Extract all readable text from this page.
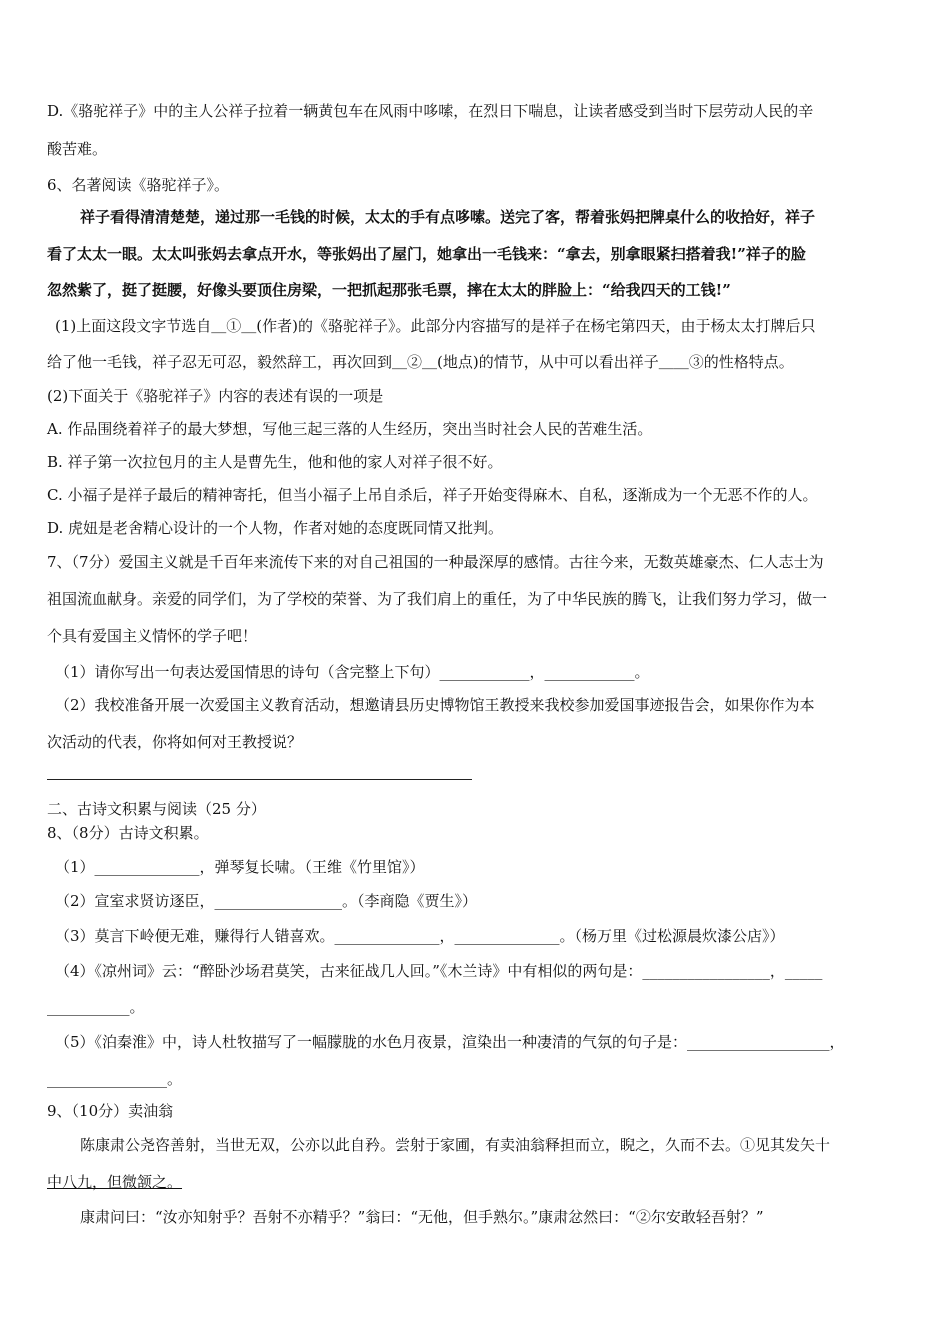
D.《骆驼祥子》中的主人公祥子拉着一辆黄包车在风雨中哆嗦，在烈日下喘息，让读者感受到当时下层劳动人民的辛
酸苦难。
6、名著阅读《骆驼祥子》。
祥子看得清清楚楚，递过那一毛钱的时候，太太的手有点哆嗦。送完了客，帮着张妈把牌桌什么的收拾好，祥子
看了太太一眼。太太叫张妈去拿点开水，等张妈出了屋门，她拿出一毛钱来：“拿去，别拿眼紧扫搭着我!”祥子的脸
忽然紫了，挺了挺腰，好像头要顶住房梁，一把抓起那张毛票，摔在太太的胖脸上：“给我四天的工钱!”
(1)上面这段文字节选自＿①＿(作者)的《骆驼祥子》。此部分内容描写的是祥子在杨宅第四天，由于杨太太打牌后只
给了他一毛钱，祥子忍无可忍，毅然辞工，再次回到＿②＿(地点)的情节，从中可以看出祥子＿＿③的性格特点。
(2)下面关于《骆驼祥子》内容的表述有误的一项是
A. 作品围绕着祥子的最大梦想，写他三起三落的人生经历，突出当时社会人民的苦难生活。
B. 祥子第一次拉包月的主人是曹先生，他和他的家人对祥子很不好。
C. 小福子是祥子最后的精神寄托，但当小福子上吊自杀后，祥子开始变得麻木、自私，逐渐成为一个无恶不作的人。
D. 虎妞是老舍精心设计的一个人物，作者对她的态度既同情又批判。
7、（7分）爱国主义就是千百年来流传下来的对自己祖国的一种最深厚的感情。古往今来，无数英雄豪杰、仁人志士为
祖国流血献身。亲爱的同学们，为了学校的荣誉、为了我们肩上的重任，为了中华民族的腾飞，让我们努力学习，做一
个具有爱国主义情怀的学子吧！
（1）请你写出一句表达爱国情思的诗句（含完整上下句）____________，____________。
（2）我校准备开展一次爱国主义教育活动，想邀请县历史博物馆王教授来我校参加爱国事迹报告会，如果你作为本
次活动的代表，你将如何对王教授说？
二、古诗文积累与阅读（25 分）
8、（8分）古诗文积累。
（1）______________，弹琴复长啸。（王维《竹里馆》）
（2）宣室求贤访逐臣，_________________。（李商隐《贾生》）
（3）莫言下岭便无难，赚得行人错喜欢。______________，______________。（杨万里《过松源晨炊漆公店》）
（4）《凉州词》云：“醉卧沙场君莫笑，古来征战几人回。”《木兰诗》中有相似的两句是：_________________，_____
___________。
（5）《泊秦淮》中，诗人杜牧描写了一幅朦胧的水色月夜景，渲染出一种凄清的气氛的句子是：___________________，
________________。
9、（10分）卖油翁
陈康肃公尧咨善射，当世无双，公亦以此自矜。尝射于家圃，有卖油翁释担而立，睨之，久而不去。①见其发矢十
中八九，但微颔之。
康肃问曰：“汝亦知射乎？吾射不亦精乎？”翁曰：“无他，但手熟尔。”康肃忿然曰：“②尔安敢轻吾射？”
